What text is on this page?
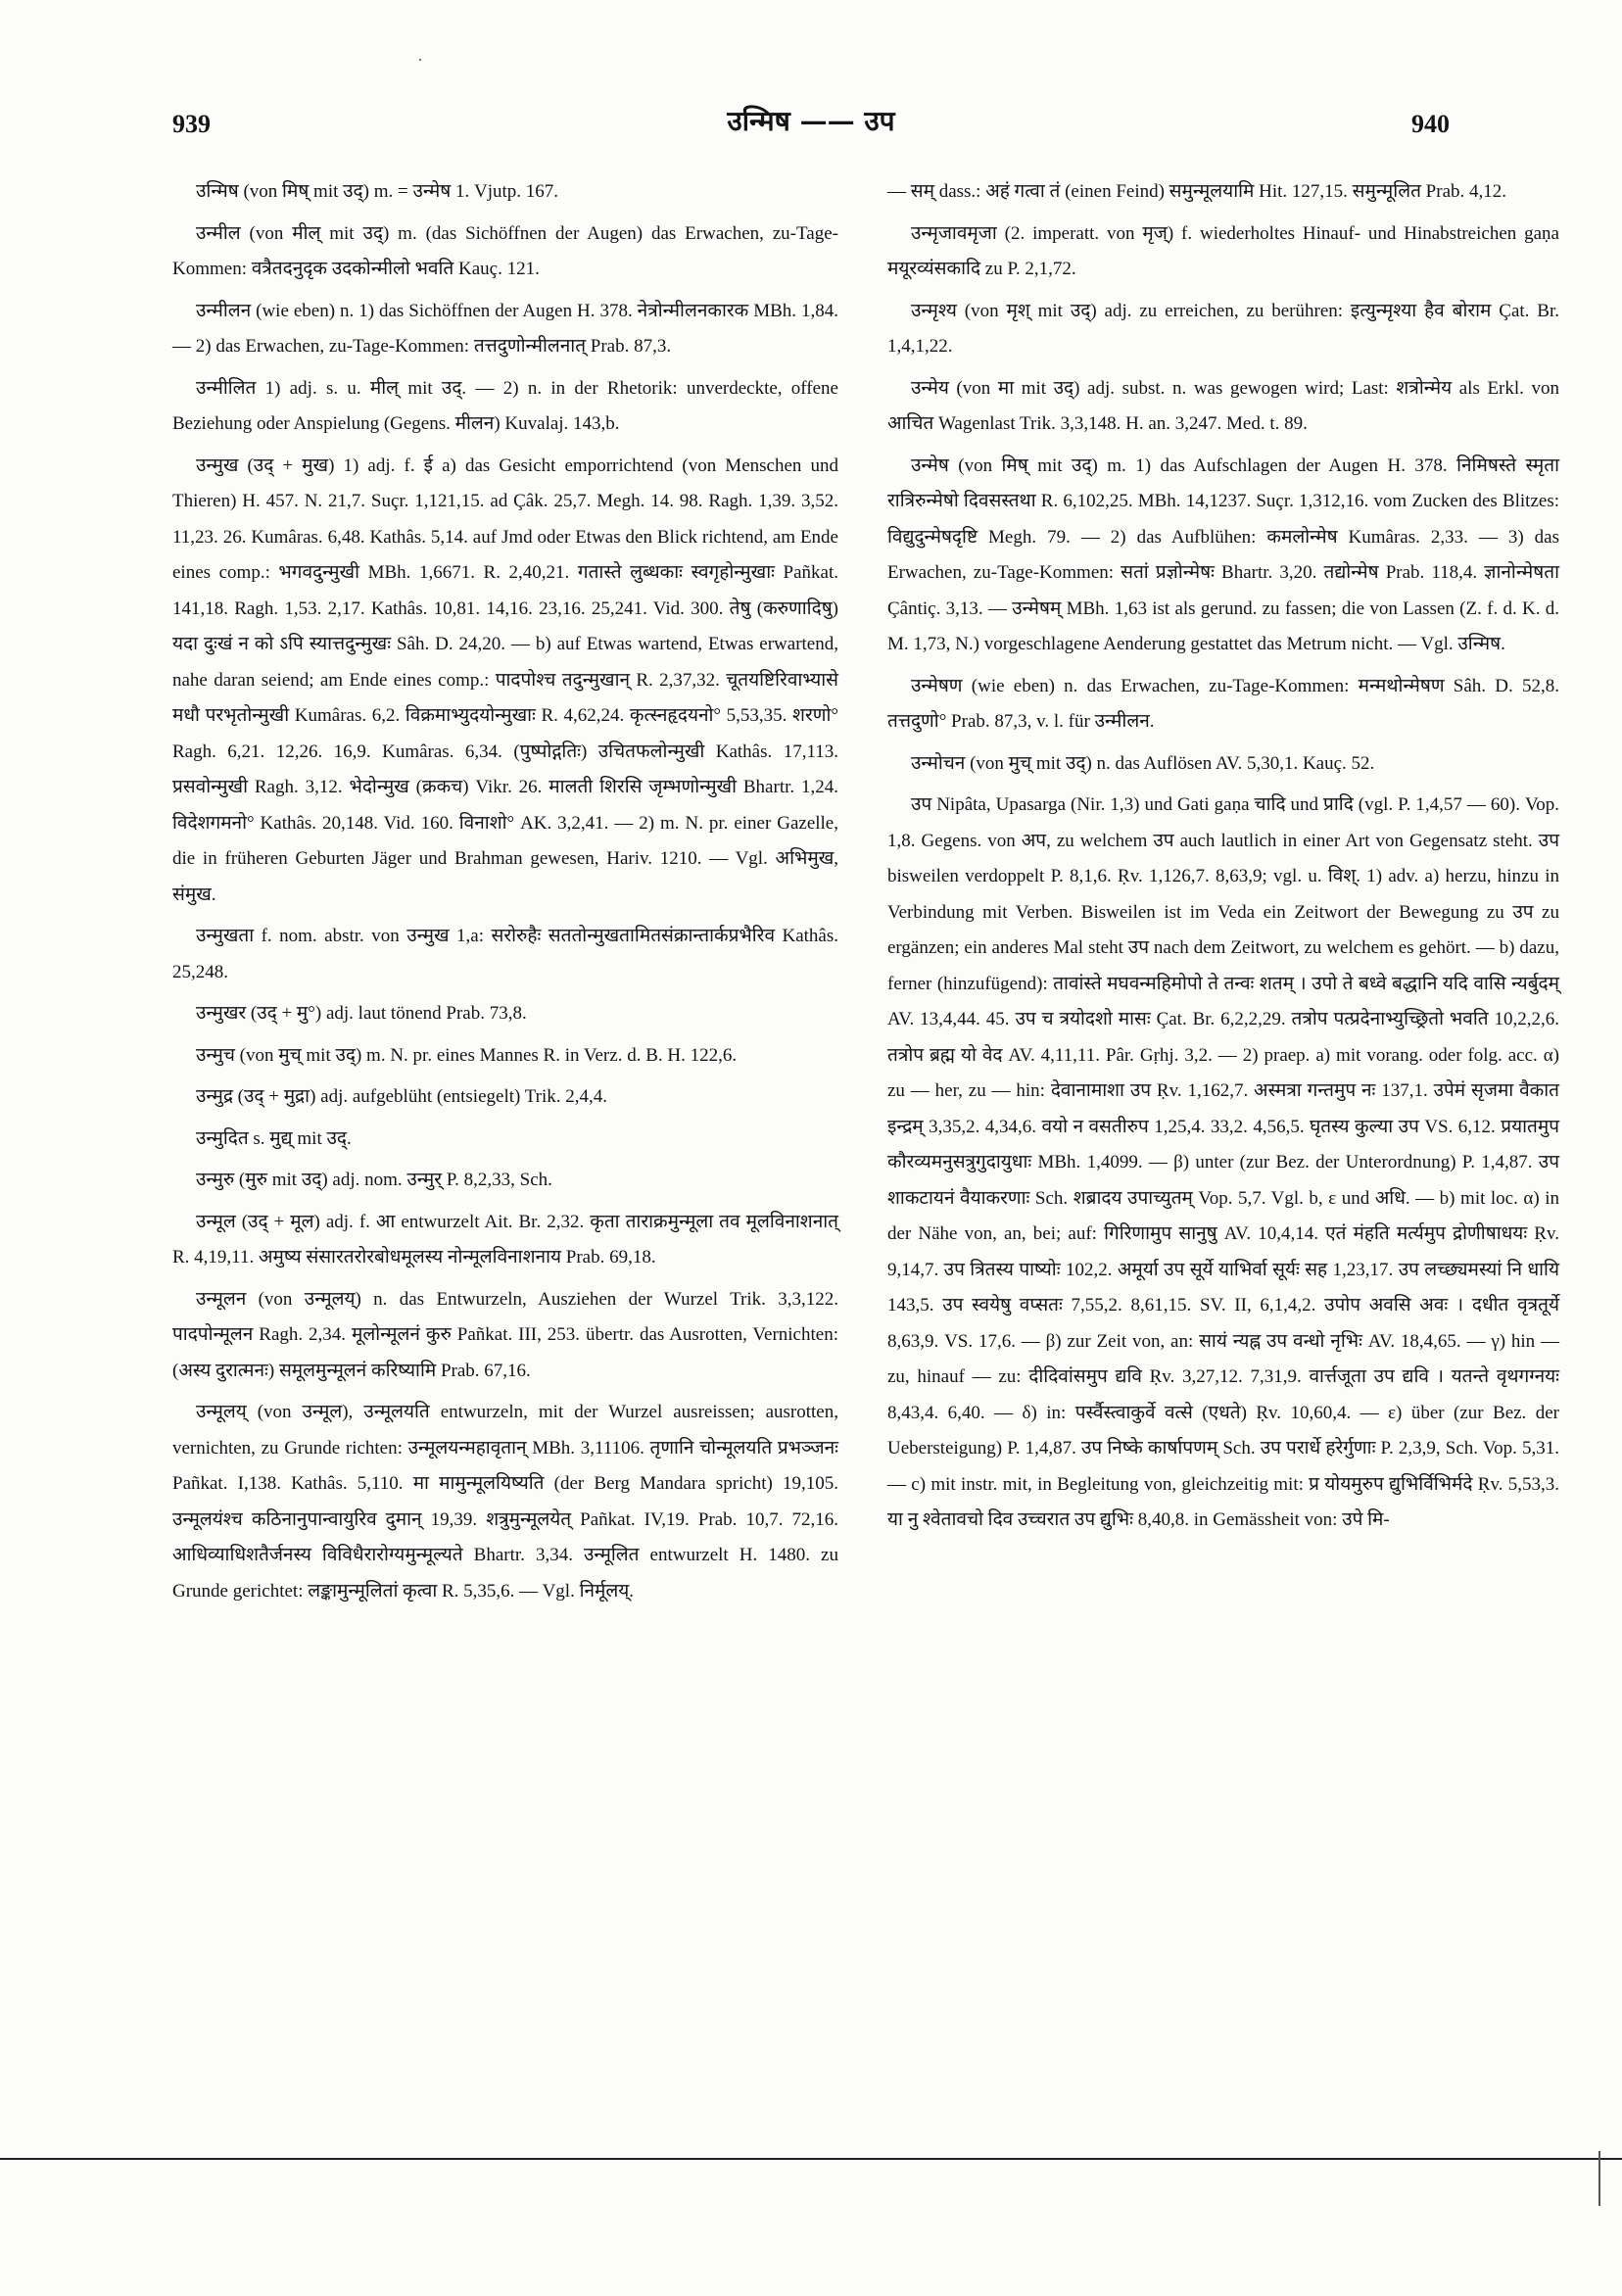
939	उन्मिष —— उप	940

उन्मिष (von मिष् mit उद्) m. = उन्मेष 1. Vjutp. 167.

उन्मील (von मील् mit उद्) m. (das Sichöffnen der Augen) das Erwachen, zu-Tage-Kommen: वत्रैतदनुदृक उदकोन्मीलो भवति Kauç. 121.

उन्मीलन (wie eben) n. 1) das Sichöffnen der Augen H. 378. नेत्रोन्मीलनकारक MBh. 1,84. — 2) das Erwachen, zu-Tage-Kommen: तत्तदुणोन्मीलनात् Prab. 87,3.

उन्मीलित 1) adj. s. u. मील् mit उद्. — 2) n. in der Rhetorik: unverdeckte, offene Beziehung oder Anspielung (Gegens. मीलन) Kuvalaj. 143,b.

उन्मुख (उद् + मुख) 1) adj. f. ई a) das Gesicht emporrichtend (von Menschen und Thieren) H. 457. N. 21,7. Suçr. 1,121,15. ad Çâk. 25,7. Megh. 14. 98. Ragh. 1,39. 3,52. 11,23. 26. Kumâras. 6,48. Kathâs. 5,14. auf Jmd oder Etwas den Blick richtend, am Ende eines comp.: भगवदुन्मुखी MBh. 1,6671. R. 2,40,21. गतास्ते लुब्धकाः स्वगृहोन्मुखाः Pañkat. 141,18. Ragh. 1,53. 2,17. Kathâs. 10,81. 14,16. 23,16. 25,241. Vid. 300. तेषु (करुणादिषु) यदा दुःखं न को ऽपि स्यात्तदुन्मुखः Sâh. D. 24,20. — b) auf Etwas wartend, Etwas erwartend, nahe daran seiend; am Ende eines comp.: पादपोश्च तदुन्मुखान् R. 2,37,32. चूतयष्टिरिवाभ्यासे मधौ परभृतोन्मुखी Kumâras. 6,2. विक्रमाभ्युदयोन्मुखाः R. 4,62,24. कृत्स्नहृदयनो° 5,53,35. शरणो° Ragh. 6,21. 12,26. 16,9. Kumâras. 6,34. (पुष्पोद्गतिः) उचितफलोन्मुखी Kathâs. 17,113. प्रसवोन्मुखी Ragh. 3,12. भेदोन्मुख (क्रकच) Vikr. 26. मालती शिरसि जृम्भणोन्मुखी Bhartr. 1,24. विदेशगमनो° Kathâs. 20,148. Vid. 160. विनाशो° AK. 3,2,41. — 2) m. N. pr. einer Gazelle, die in früheren Geburten Jäger und Brahman gewesen, Hariv. 1210. — Vgl. अभिमुख, संमुख.

उन्मुखता f. nom. abstr. von उन्मुख 1,a: सरोरुहैः सततोन्मुखतामितसंक्रान्तार्कप्रभैरिव Kathâs. 25,248.

उन्मुखर (उद् + मु°) adj. laut tönend Prab. 73,8.

उन्मुच (von मुच् mit उद्) m. N. pr. eines Mannes R. in Verz. d. B. H. 122,6.

उन्मुद्र (उद् + मुद्रा) adj. aufgeblüht (entsiegelt) Trik. 2,4,4.

उन्मुदित s. मुद्य् mit उद्.

उन्मुरु (मुरु mit उद्) adj. nom. उन्मुर् P. 8,2,33, Sch.

उन्मूल (उद् + मूल) adj. f. आ entwurzelt Ait. Br. 2,32. कृता ताराक्रमुन्मूला तव मूलविनाशनात् R. 4,19,11. अमुष्य संसारतरोरबोधमूलस्य नोन्मूलविनाशनाय Prab. 69,18.

उन्मूलन (von उन्मूलय्) n. das Entwurzeln, Ausziehen der Wurzel Trik. 3,3,122. पादपोन्मूलन Ragh. 2,34. मूलोन्मूलनं कुरु Pañkat. III, 253. übertr. das Ausrotten, Vernichten: (अस्य दुरात्मनः) समूलमुन्मूलनं करिष्यामि Prab. 67,16.

उन्मूलय् (von उन्मूल), उन्मूलयति entwurzeln, mit der Wurzel ausreissen; ausrotten, vernichten, zu Grunde richten: उन्मूलयन्महावृतान् MBh. 3,11106. तृणानि चोन्मूलयति प्रभञ्जनः Pañkat. I,138. Kathâs. 5,110. मा मामुन्मूलयिष्यति (der Berg Mandara spricht) 19,105. उन्मूलयंश्च कठिनानुपान्वायुरिव दुमान् 19,39. शत्रुमुन्मूलयेत् Pañkat. IV,19. Prab. 10,7. 72,16. आधिव्याधिशतैर्जनस्य विविधैरारोग्यमुन्मूल्यते Bhartr. 3,34. उन्मूलित entwurzelt H. 1480. zu Grunde gerichtet: लङ्कामुन्मूलितां कृत्वा R. 5,35,6. — Vgl. निर्मूलय्.

— सम् dass.: अहं गत्वा तं (einen Feind) समुन्मूलयामि Hit. 127,15. समुन्मूलित Prab. 4,12.

उन्मृजावमृजा (2. imperatt. von मृज्) f. wiederholtes Hinauf- und Hinabstreichen gaṇa मयूरव्यंसकादि zu P. 2,1,72.

उन्मृश्य (von मृश् mit उद्) adj. zu erreichen, zu berühren: इत्युन्मृश्या हैव बोराम Çat. Br. 1,4,1,22.

उन्मेय (von मा mit उद्) adj. subst. n. was gewogen wird; Last: शत्रोन्मेय als Erkl. von आचित Wagenlast Trik. 3,3,148. H. an. 3,247. Med. t. 89.

उन्मेष (von मिष् mit उद्) m. 1) das Aufschlagen der Augen H. 378. निमिषस्ते स्मृता रात्रिरुन्मेषो दिवसस्तथा R. 6,102,25. MBh. 14,1237. Suçr. 1,312,16. vom Zucken des Blitzes: विद्युदुन्मेषदृष्टि Megh. 79. — 2) das Aufblühen: कमलोन्मेष Kumâras. 2,33. — 3) das Erwachen, zu-Tage-Kommen: सतां प्रज्ञोन्मेषः Bhartr. 3,20. तद्योन्मेष Prab. 118,4. ज्ञानोन्मेषता Çântiç. 3,13. — उन्मेषम् MBh. 1,63 ist als gerund. zu fassen; die von Lassen (Z. f. d. K. d. M. 1,73, N.) vorgeschlagene Aenderung gestattet das Metrum nicht. — Vgl. उन्मिष.

उन्मेषण (wie eben) n. das Erwachen, zu-Tage-Kommen: मन्मथोन्मेषण Sâh. D. 52,8. तत्तदुणो° Prab. 87,3, v. l. für उन्मीलन.

उन्मोचन (von मुच् mit उद्) n. das Auflösen AV. 5,30,1. Kauç. 52.

उप Nipâta, Upasarga (Nir. 1,3) und Gati gaṇa चादि und प्रादि (vgl. P. 1,4,57 — 60). Vop. 1,8. Gegens. von अप, zu welchem उप auch lautlich in einer Art von Gegensatz steht. उप bisweilen verdoppelt P. 8,1,6. Ṛv. 1,126,7. 8,63,9; vgl. u. विश्. 1) adv. a) herzu, hinzu in Verbindung mit Verben. Bisweilen ist im Veda ein Zeitwort der Bewegung zu उप zu ergänzen; ein anderes Mal steht उप nach dem Zeitwort, zu welchem es gehört. — b) dazu, ferner (hinzufügend): तावांस्ते मघवन्महिमोपो ते तन्वः शतम् । उपो ते बध्वे बद्धानि यदि वासि न्यर्बुदम् AV. 13,4,44. 45. उप च त्रयोदशो मासः Çat. Br. 6,2,2,29. तत्रोप पत्प्रदेनाभ्युच्छ्रितो भवति 10,2,2,6. तत्रोप ब्रह्म यो वेद AV. 4,11,11. Pâr. Gṛhj. 3,2. — 2) praep. a) mit vorang. oder folg. acc. α) zu — her, zu — hin: देवानामाशा उप Ṛv. 1,162,7. अस्मत्रा गन्तमुप नः 137,1. उपेमं सृजमा वैकात इन्द्रम् 3,35,2. 4,34,6. वयो न वसतीरुप 1,25,4. 33,2. 4,56,5. घृतस्य कुल्या उप VS. 6,12. प्रयातमुप कौरव्यमनुसत्रुगुदायुधाः MBh. 1,4099. — β) unter (zur Bez. der Unterordnung) P. 1,4,87. उप शाकटायनं वैयाकरणाः Sch. शब्रादय उपाच्युतम् Vop. 5,7. Vgl. b, ε und अधि. — b) mit loc. α) in der Nähe von, an, bei; auf: गिरिणामुप सानुषु AV. 10,4,14. एतं मंहति मर्त्यमुप द्रोणीषाधयः Ṛv. 9,14,7. उप त्रितस्य पाष्योः 102,2. अमूर्या उप सूर्ये याभिर्वा सूर्यः सह 1,23,17. उप लच्छ्यमस्यां नि धायि 143,5. उप स्वयेषु वप्सतः 7,55,2. 8,61,15. SV. II, 6,1,4,2. उपोप अवसि अवः । दधीत वृत्रतूर्ये 8,63,9. VS. 17,6. — β) zur Zeit von, an: सायं न्यह्न उप वन्धो नृभिः AV. 18,4,65. — γ) hin — zu, hinauf — zu: दीदिवांसमुप द्यवि Ṛv. 3,27,12. 7,31,9. वार्त्तजूता उप द्यवि । यतन्ते वृथगग्नयः 8,43,4. 6,40. — δ) in: पर्स्वैस्त्वाकुर्वे वत्से (एधते) Ṛv. 10,60,4. — ε) über (zur Bez. der Uebersteigung) P. 1,4,87. उप निष्के कार्षापणम् Sch. उप परार्धे हरेर्गुणाः P. 2,3,9, Sch. Vop. 5,31. — c) mit instr. mit, in Begleitung von, gleichzeitig mit: प्र योयमुरुप द्युभिर्विभिर्मदे Ṛv. 5,53,3. या नु श्वेतावचो दिव उच्चरात उप द्युभिः 8,40,8. in Gemässheit von: उपे मि-
